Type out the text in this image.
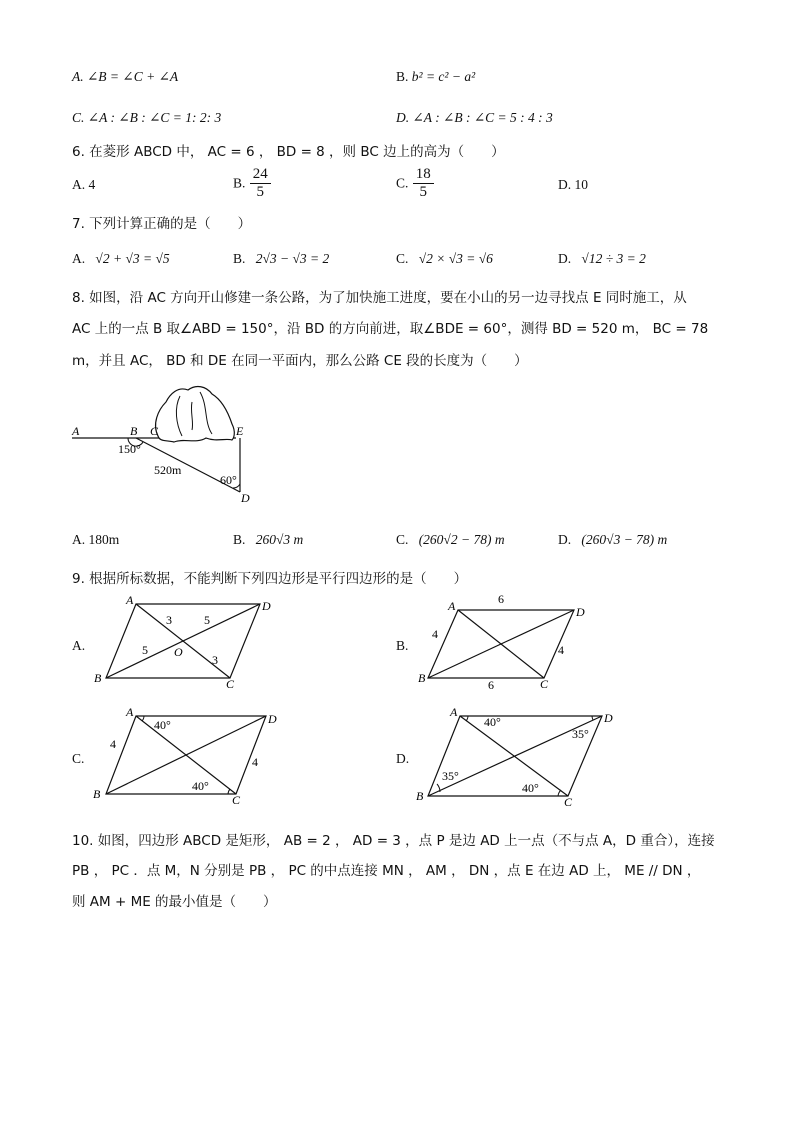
A. ∠B = ∠C + ∠A	B. b² = c² − a²
C. ∠A : ∠B : ∠C = 1: 2: 3	D. ∠A : ∠B : ∠C = 5 : 4 : 3
6. 在菱形 ABCD 中， AC = 6 ， BD = 8 ，则 BC 边上的高为（　　）
A. 4	B. $\frac{24}{5}$	C. $\frac{18}{5}$	D. 10
7. 下列计算正确的是（　　）
A. √2 + √3 = √5	B. 2√3 − √3 = 2	C. √2 × √3 = √6	D. √12 ÷ 3 = 2
8. 如图，沿 AC 方向开山修建一条公路，为了加快施工进度，要在小山的另一边寻找点 E 同时施工，从
AC 上的一点 B 取∠ABD = 150°，沿 BD 的方向前进，取∠BDE = 60°，测得 BD = 520 m， BC = 78
m，并且 AC， BD 和 DE 在同一平面内，那么公路 CE 段的长度为（　　）
A	B C	E
D
150°
520m
60°
A. 180m	B. 260√3 m	C. (260√2 − 78) m	D. (260√3 − 78) m
9. 根据所标数据，不能判断下列四边形是平行四边形的是（　　）
A.
A	D
B	C
O
3	5
5
3
B.
A	D
B	C
6
6
4
4
C.
A	D
B	C
40°
40°
4
4	D.
A	D
B	C
40°
35°
35°
40°
10. 如图，四边形 ABCD 是矩形， AB = 2 ， AD = 3 ，点 P 是边 AD 上一点（不与点 A，D 重合），连接
PB ， PC ．点 M，N 分别是 PB ， PC 的中点连接 MN ， AM ， DN ，点 E 在边 AD 上， ME // DN ，
则 AM + ME 的最小值是（　　）
